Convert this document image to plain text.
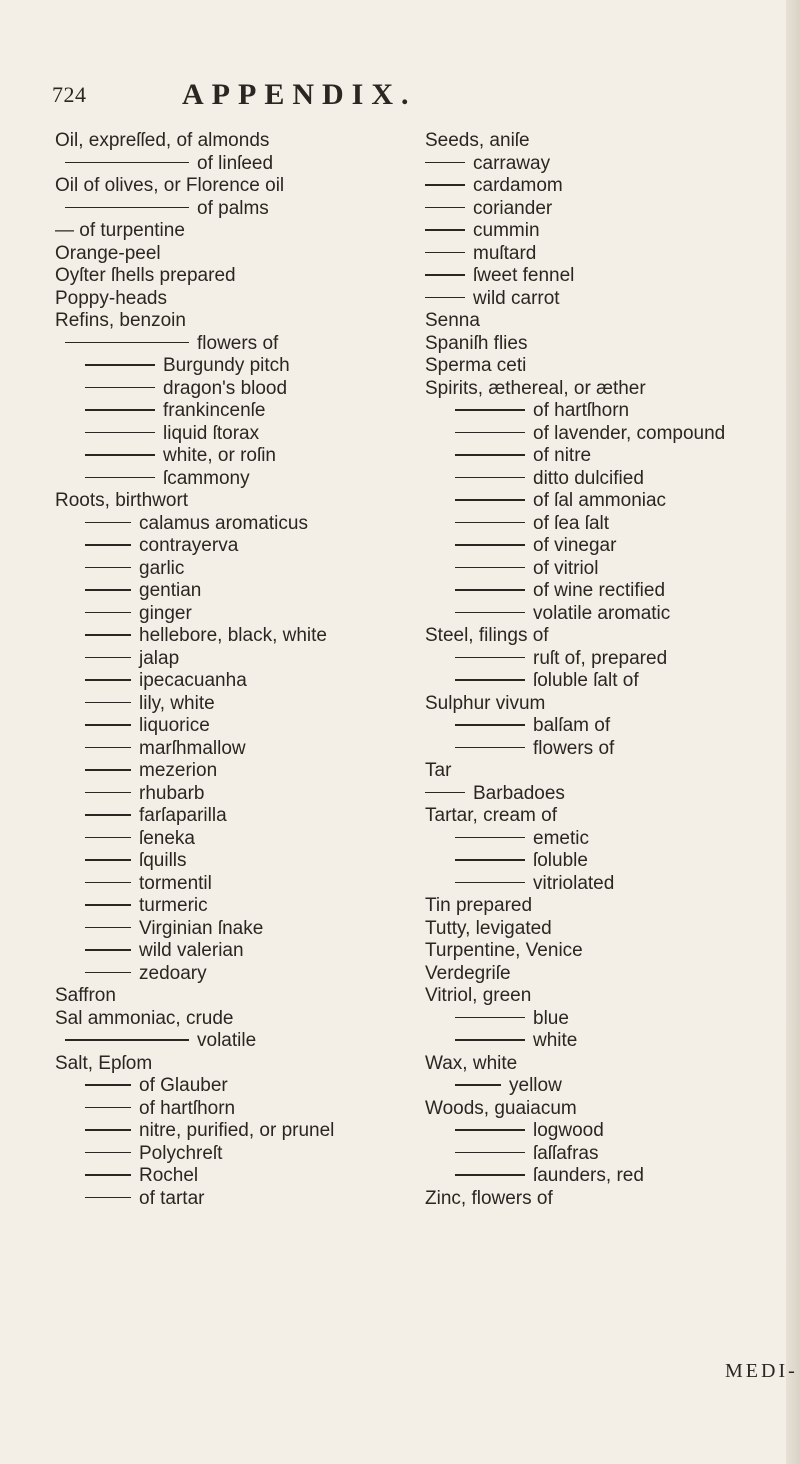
724	APPENDIX.
Oil, expreſſed, of almonds
of linſeed
Oil of olives, or Florence oil
of palms
— of turpentine
Orange-peel
Oyſter ſhells prepared
Poppy-heads
Refins, benzoin
flowers of
Burgundy pitch
dragon's blood
frankincenſe
liquid ſtorax
white, or roſin
ſcammony
Roots, birthwort
calamus aromaticus
contrayerva
garlic
gentian
ginger
hellebore, black, white
jalap
ipecacuanha
lily, white
liquorice
marſhmallow
mezerion
rhubarb
farſaparilla
ſeneka
ſquills
tormentil
turmeric
Virginian ſnake
wild valerian
zedoary
Saffron
Sal ammoniac, crude
volatile
Salt, Epſom
of Glauber
of hartſhorn
nitre, purified, or prunel
Polychreſt
Rochel
of tartar
Seeds, aniſe
carraway
cardamom
coriander
cummin
muſtard
ſweet fennel
wild carrot
Senna
Spaniſh flies
Sperma ceti
Spirits, æthereal, or æther
of hartſhorn
of lavender, compound
of nitre
ditto dulcified
of ſal ammoniac
of ſea ſalt
of vinegar
of vitriol
of wine rectified
volatile aromatic
Steel, filings of
ruſt of, prepared
ſoluble ſalt of
Sulphur vivum
balſam of
flowers of
Tar
Barbadoes
Tartar, cream of
emetic
ſoluble
vitriolated
Tin prepared
Tutty, levigated
Turpentine, Venice
Verdegriſe
Vitriol, green
blue
white
Wax, white
yellow
Woods, guaiacum
logwood
ſaſſafras
ſaunders, red
Zinc, flowers of
MEDI-
